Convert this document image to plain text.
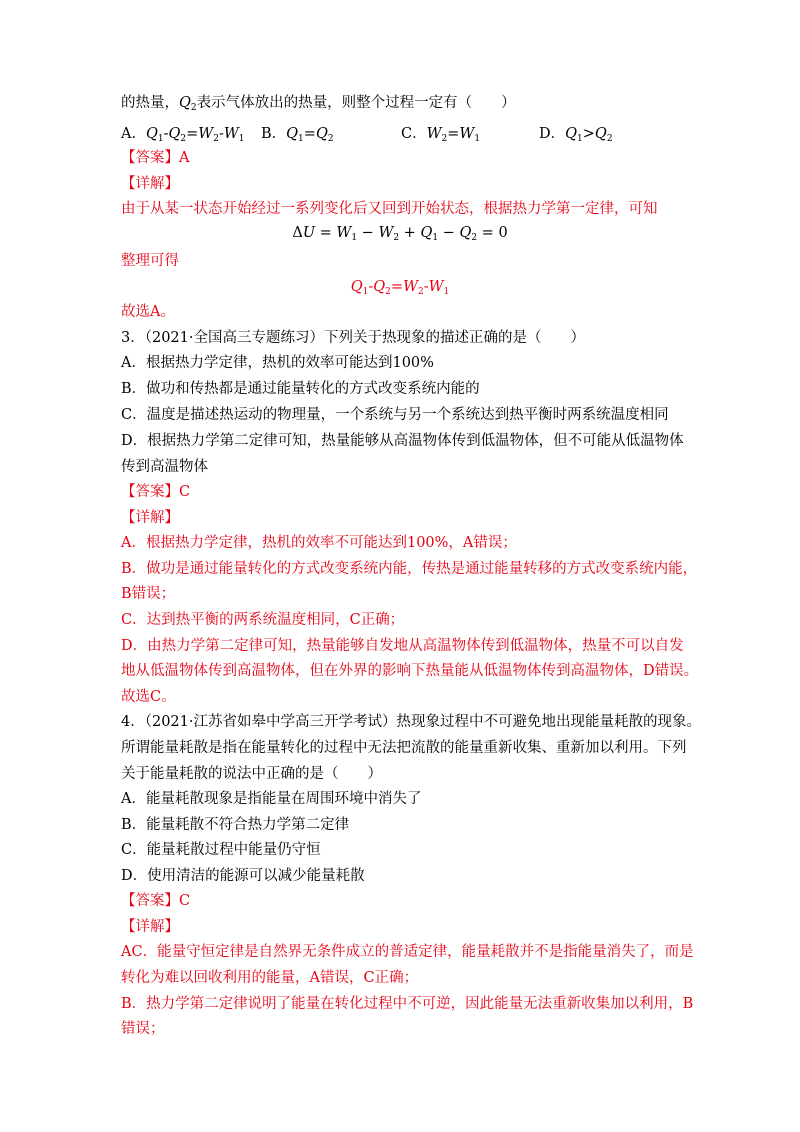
的热量，$Q_2$表示气体放出的热量，则整个过程一定有（　　）
A．$Q_1-Q_2=W_2-W_1$ B．$Q_1=Q_2$	C．$W_2=W_1$	D．$Q_1>Q_2$
【答案】A
【详解】
由于从某一状态开始经过一系列变化后又回到开始状态，根据热力学第一定律，可知
$\Delta U = W_1 - W_2 + Q_1 - Q_2 = 0$
整理可得
$Q_1-Q_2=W_2-W_1$
故选A。
3．（2021·全国高三专题练习）下列关于热现象的描述正确的是（　　）
A．根据热力学定律，热机的效率可能达到100%
B．做功和传热都是通过能量转化的方式改变系统内能的
C．温度是描述热运动的物理量，一个系统与另一个系统达到热平衡时两系统温度相同
D．根据热力学第二定律可知，热量能够从高温物体传到低温物体，但不可能从低温物体
传到高温物体
【答案】C
【详解】
A．根据热力学定律，热机的效率不可能达到100%，A错误；
B．做功是通过能量转化的方式改变系统内能，传热是通过能量转移的方式改变系统内能，
B错误；
C．达到热平衡的两系统温度相同，C正确；
D．由热力学第二定律可知，热量能够自发地从高温物体传到低温物体，热量不可以自发
地从低温物体传到高温物体，但在外界的影响下热量能从低温物体传到高温物体，D错误。
故选C。
4．（2021·江苏省如皋中学高三开学考试）热现象过程中不可避免地出现能量耗散的现象。
所谓能量耗散是指在能量转化的过程中无法把流散的能量重新收集、重新加以利用。下列
关于能量耗散的说法中正确的是（　　）
A．能量耗散现象是指能量在周围环境中消失了
B．能量耗散不符合热力学第二定律
C．能量耗散过程中能量仍守恒
D．使用清洁的能源可以减少能量耗散
【答案】C
【详解】
AC．能量守恒定律是自然界无条件成立的普适定律，能量耗散并不是指能量消失了，而是
转化为难以回收利用的能量，A错误，C正确；
B．热力学第二定律说明了能量在转化过程中不可逆，因此能量无法重新收集加以利用，B
错误；
